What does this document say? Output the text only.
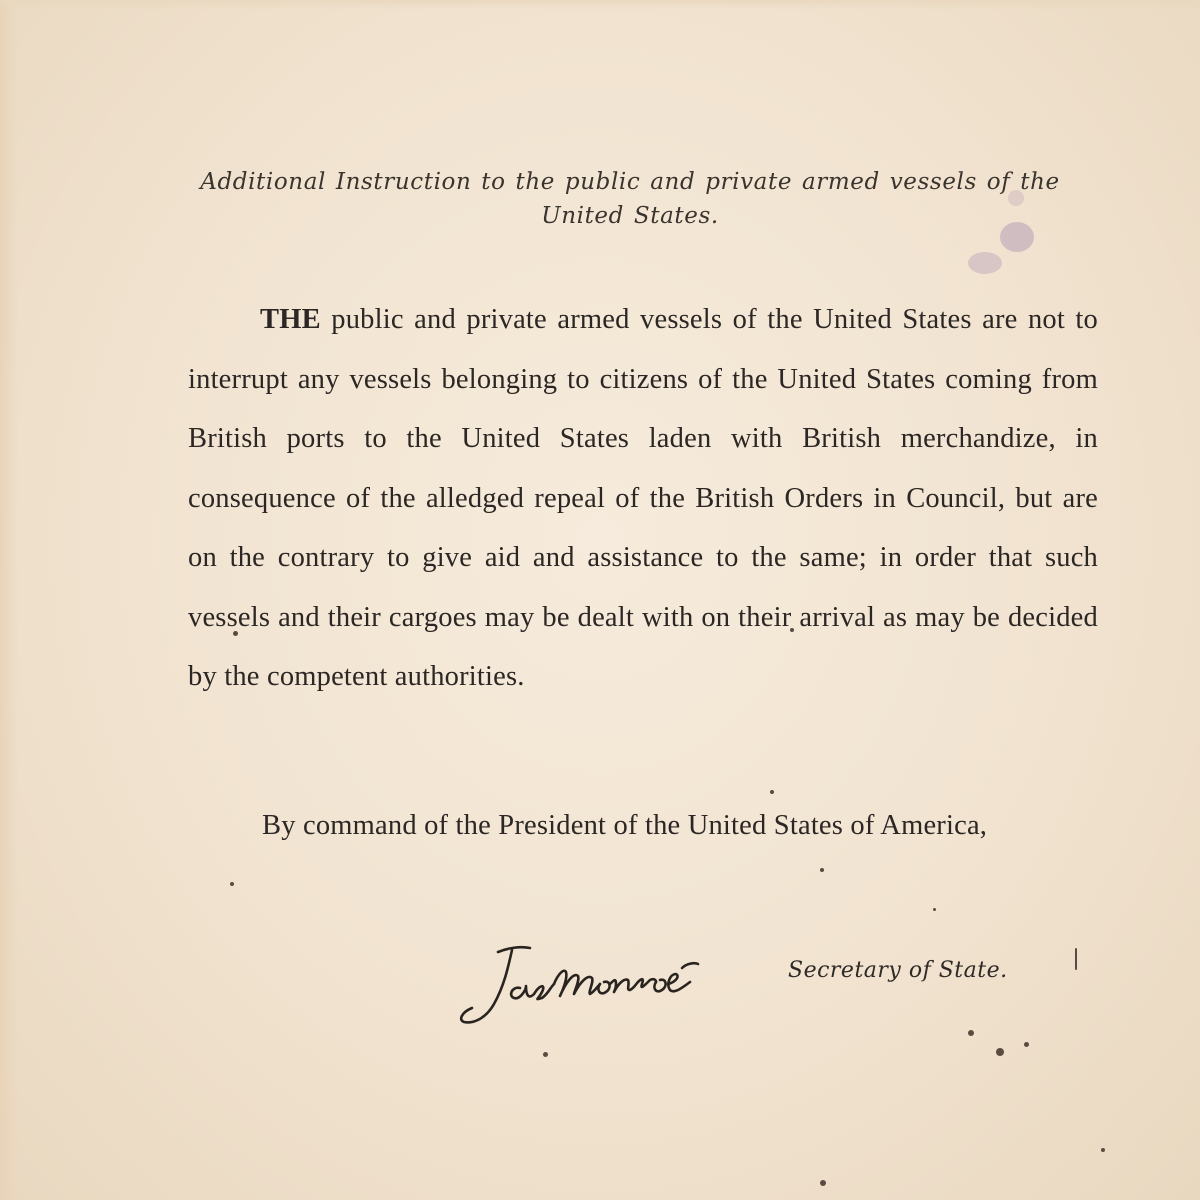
Additional Instruction to the public and private armed vessels of the
United States.
THE public and private armed vessels of the United States are not to interrupt any vessels belonging to citizens of the United States coming from British ports to the United States laden with British merchandize, in consequence of the alledged repeal of the British Orders in Council, but are on the contrary to give aid and assistance to the same; in order that such vessels and their cargoes may be dealt with on their arrival as may be decided by the competent authorities.
By command of the President of the United States of America,
Secretary of State.
